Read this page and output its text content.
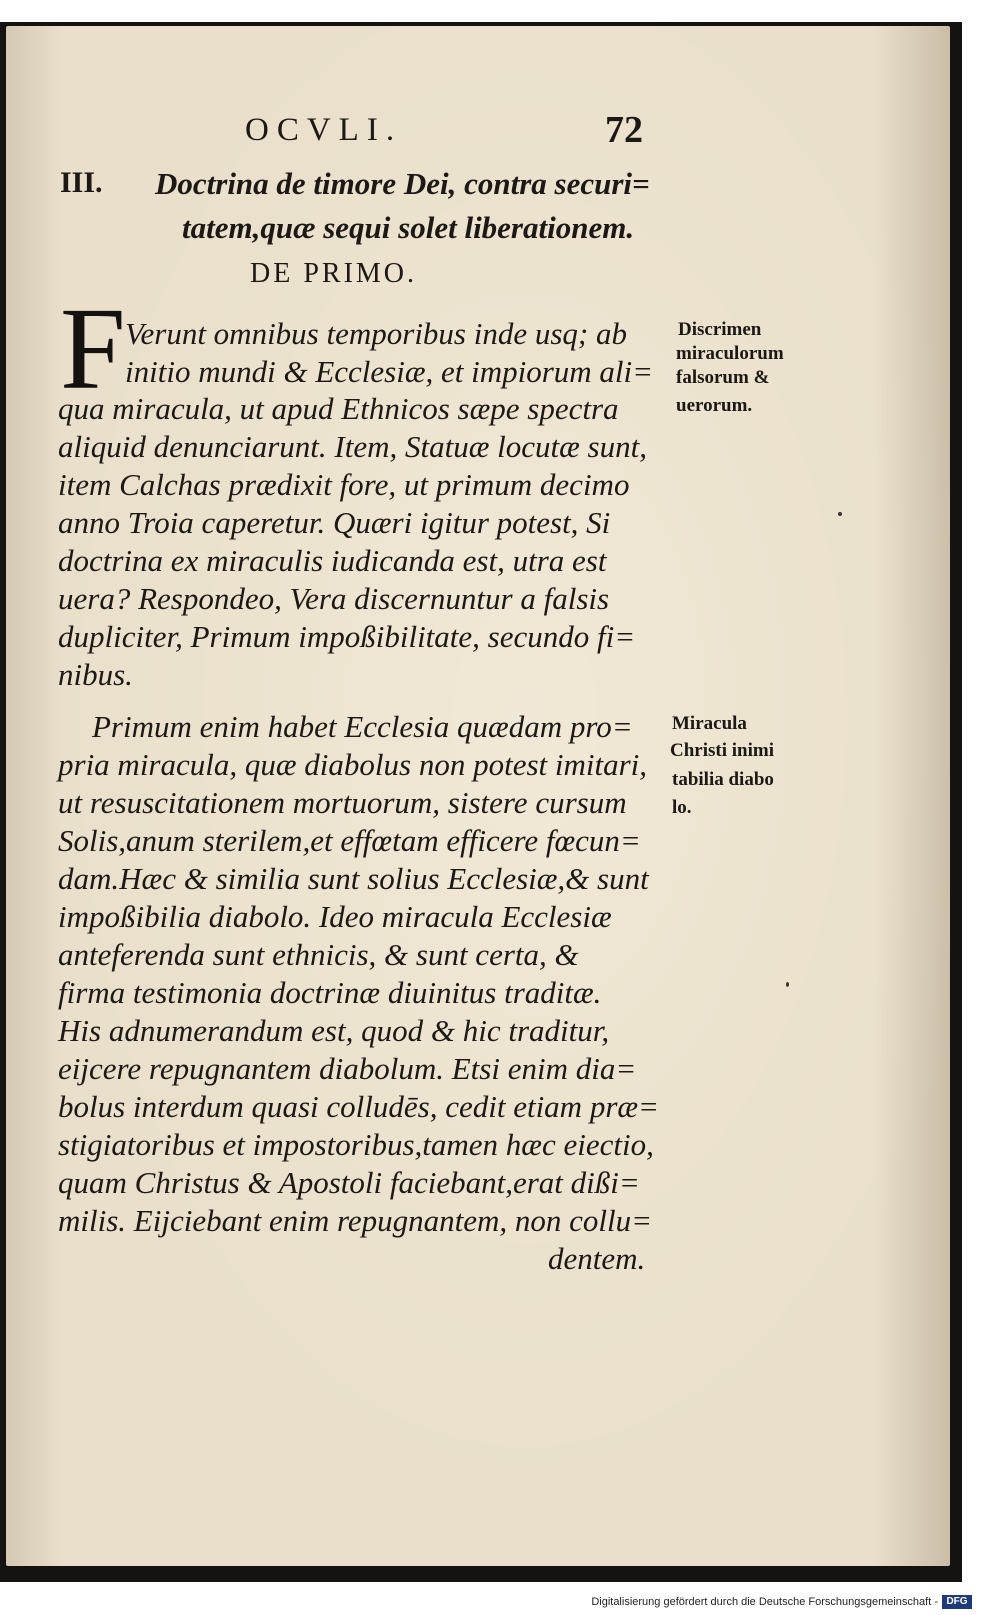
OCVLI.	72
III. Doctrina de timore Dei, contra securi=
tatem,quæ sequi solet liberationem.
DE PRIMO.
F Verunt omnibus temporibus inde usq; ab
initio mundi & Ecclesiæ, et impiorum ali=
qua miracula, ut apud Ethnicos sæpe spectra
aliquid denunciarunt. Item, Statuæ locutæ sunt,
item Calchas prædixit fore, ut primum decimo
anno Troia caperetur. Quæri igitur potest, Si
doctrina ex miraculis iudicanda est, utra est
uera? Respondeo, Vera discernuntur a falsis
dupliciter, Primum impoßibilitate, secundo fi=
nibus.
Primum enim habet Ecclesia quædam pro=
pria miracula, quæ diabolus non potest imitari,
ut resuscitationem mortuorum, sistere cursum
Solis,anum sterilem,et effœtam efficere fœcun=
dam.Hæc & similia sunt solius Ecclesiæ,& sunt
impoßibilia diabolo. Ideo miracula Ecclesiæ
anteferenda sunt ethnicis, & sunt certa, &
firma testimonia doctrinæ diuinitus traditæ.
His adnumerandum est, quod & hic traditur,
eijcere repugnantem diabolum. Etsi enim dia=
bolus interdum quasi colludēs, cedit etiam præ=
stigiatoribus et impostoribus,tamen hæc eiectio,
quam Christus & Apostoli faciebant,erat dißi=
milis. Eijciebant enim repugnantem, non collu=
dentem.
Discrimen
miraculorum
falsorum &
uerorum.
Miracula
Christi inimi
tabilia diabo
lo.
Digitalisierung gefördert durch die Deutsche Forschungsgemeinschaft - DFG
